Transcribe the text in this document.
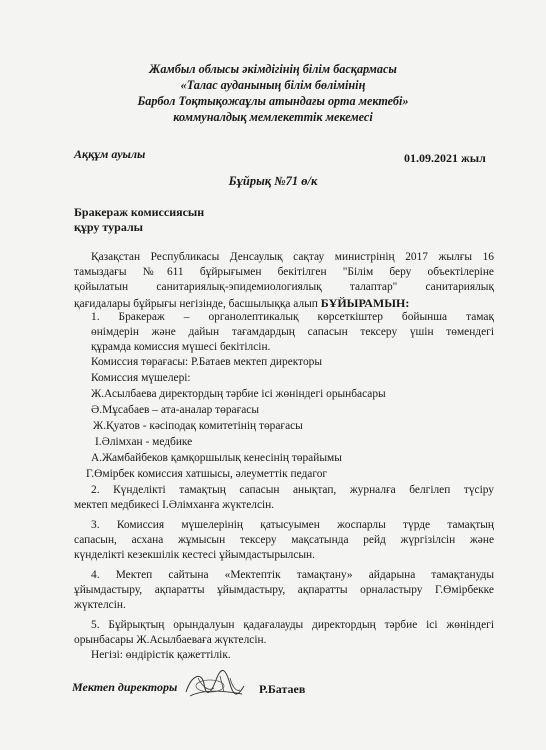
Жамбыл облысы әкімдігінің білім басқармасы
«Талас ауданының білім бөлімінің
Барбол Тоқтықожаұлы атындағы орта мектебі»
коммуналдық мемлекеттік мекемесі
Аққұм ауылы	01.09.2021 жыл
Бұйрық №71 ө/к
Бракераж комиссиясын
құру туралы
Қазақстан Республикасы Денсаулық сақтау министрінің 2017 жылғы 16
тамыздағы №611 бұйрығымен бекітілген "Білім беру объектілеріне
қойылатын санитариялық-эпидемиологиялық талаптар" санитариялық
қағидалары бұйрығы негізінде, басшылыққа алып БҰЙЫРАМЫН:
1. Бракераж – органолептикалық көрсеткіштер бойынша тамақ
өнімдерін және дайын тағамдардың сапасын тексеру үшін төмендегі
құрамда комиссия мүшесі бекітілсін.
Комиссия төрағасы: Р.Батаев мектеп директоры
Комиссия мүшелері:
Ж.Асылбаева директордың тәрбие ісі жөніндегі орынбасары
Ә.Мұсабаев – ата-аналар төрағасы
Ж.Қуатов - кәсіподақ комитетінің төрағасы
І.Әлімхан - медбике
А.Жамбайбеков қамқоршылық кенесінің төрайымы
Г.Өмірбек комиссия хатшысы, әлеуметтік педагог
2. Күнделікті тамақтың сапасын анықтап, журналға белгілеп түсіру
мектеп медбикесі І.Әлімханға жүктелсін.
3. Комиссия мүшелерінің қатысуымен жоспарлы түрде тамақтың
сапасын, асхана жұмысын тексеру мақсатында рейд жүргізілсін және
күнделікті кезекшілік кестесі ұйымдастырылсын.
4. Мектеп сайтына «Мектептік тамақтану» айдарына тамақтануды
ұйымдастыру, ақпаратты ұйымдастыру, ақпаратты орналастыру Г.Өмірбекке
жүктелсін.
5. Бұйрықтың орындалуын қадағалауды директордың тәрбие ісі жөніндегі
орынбасары Ж.Асылбаеваға жүктелсін.
Негізі: өндірістік қажеттілік.
Мектеп директоры	Р.Батаев
